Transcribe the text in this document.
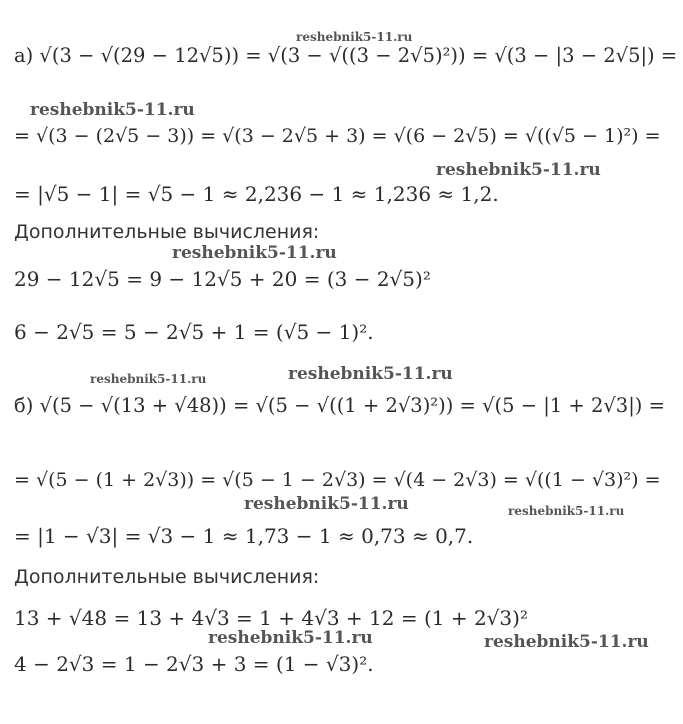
а) √(3 − √(29 − 12√5)) = √(3 − √((3 − 2√5)²)) = √(3 − |3 − 2√5|) =
= √(3 − (2√5 − 3)) = √(3 − 2√5 + 3) = √(6 − 2√5) = √((√5 − 1)²) =
= |√5 − 1| = √5 − 1 ≈ 2,236 − 1 ≈ 1,236 ≈ 1,2.
Дополнительные вычисления:
29 − 12√5 = 9 − 12√5 + 20 = (3 − 2√5)²
6 − 2√5 = 5 − 2√5 + 1 = (√5 − 1)².
б) √(5 − √(13 + √48)) = √(5 − √((1 + 2√3)²)) = √(5 − |1 + 2√3|) =
= √(5 − (1 + 2√3)) = √(5 − 1 − 2√3) = √(4 − 2√3) = √((1 − √3)²) =
= |1 − √3| = √3 − 1 ≈ 1,73 − 1 ≈ 0,73 ≈ 0,7.
Дополнительные вычисления:
13 + √48 = 13 + 4√3 = 1 + 4√3 + 12 = (1 + 2√3)²
4 − 2√3 = 1 − 2√3 + 3 = (1 − √3)².
reshebnik5-11.ru
reshebnik5-11.ru
reshebnik5-11.ru
reshebnik5-11.ru
reshebnik5-11.ru	reshebnik5-11.ru
reshebnik5-11.ru	reshebnik5-11.ru
reshebnik5-11.ru	reshebnik5-11.ru
